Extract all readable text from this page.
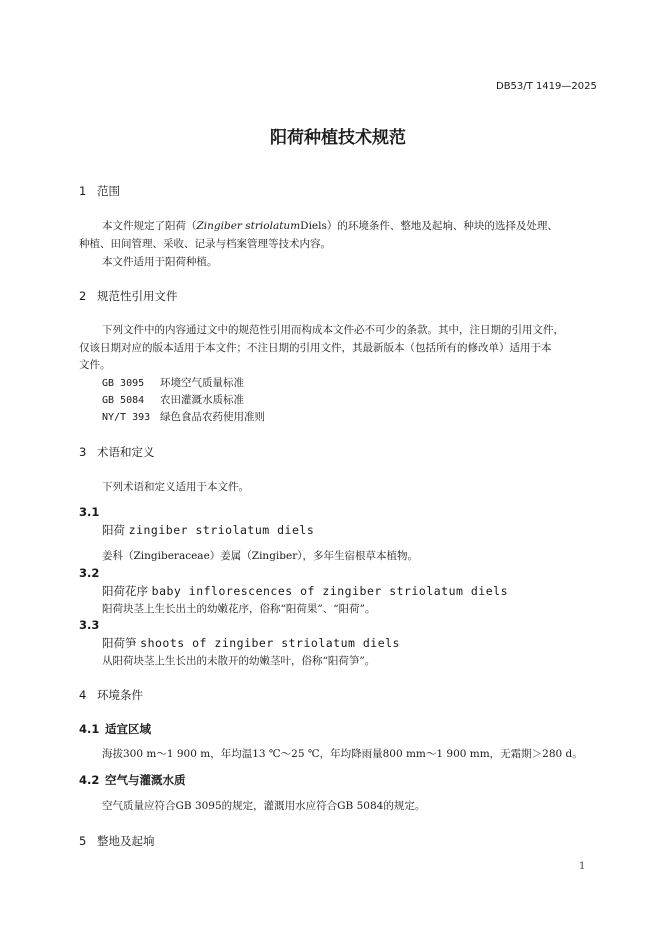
DB53/T 1419—2025
阳荷种植技术规范
1 范围
本文件规定了阳荷（Zingiber striolatumDiels）的环境条件、整地及起垧、种块的选择及处理、
种植、田间管理、采收、记录与档案管理等技术内容。
本文件适用于阳荷种植。
2 规范性引用文件
下列文件中的内容通过文中的规范性引用而构成本文件必不可少的条款。其中，注日期的引用文件，
仅该日期对应的版本适用于本文件；不注日期的引用文件，其最新版本（包括所有的修改单）适用于本
文件。
GB 3095 环境空气质量标准
GB 5084 农田灌溉水质标准
NY/T 393 绿色食品农药使用准则
3 术语和定义
下列术语和定义适用于本文件。
3.1
阳荷 zingiber striolatum diels
姜科（Zingiberaceae）姜属（Zingiber），多年生宿根草本植物。
3.2
阳荷花序 baby inflorescences of zingiber striolatum diels
阳荷块茎上生长出土的幼嫩花序，俗称“阳荷果”、“阳荷”。
3.3
阳荷笋 shoots of zingiber striolatum diels
从阳荷块茎上生长出的未散开的幼嫩茎叶，俗称“阳荷笋”。
4 环境条件
4.1 适宜区域
海拔300 m～1 900 m，年均温13 ℃～25 ℃，年均降雨量800 mm～1 900 mm，无霜期＞280 d。
4.2 空气与灌溉水质
空气质量应符合GB 3095的规定，灌溉用水应符合GB 5084的规定。
5 整地及起垧
1
